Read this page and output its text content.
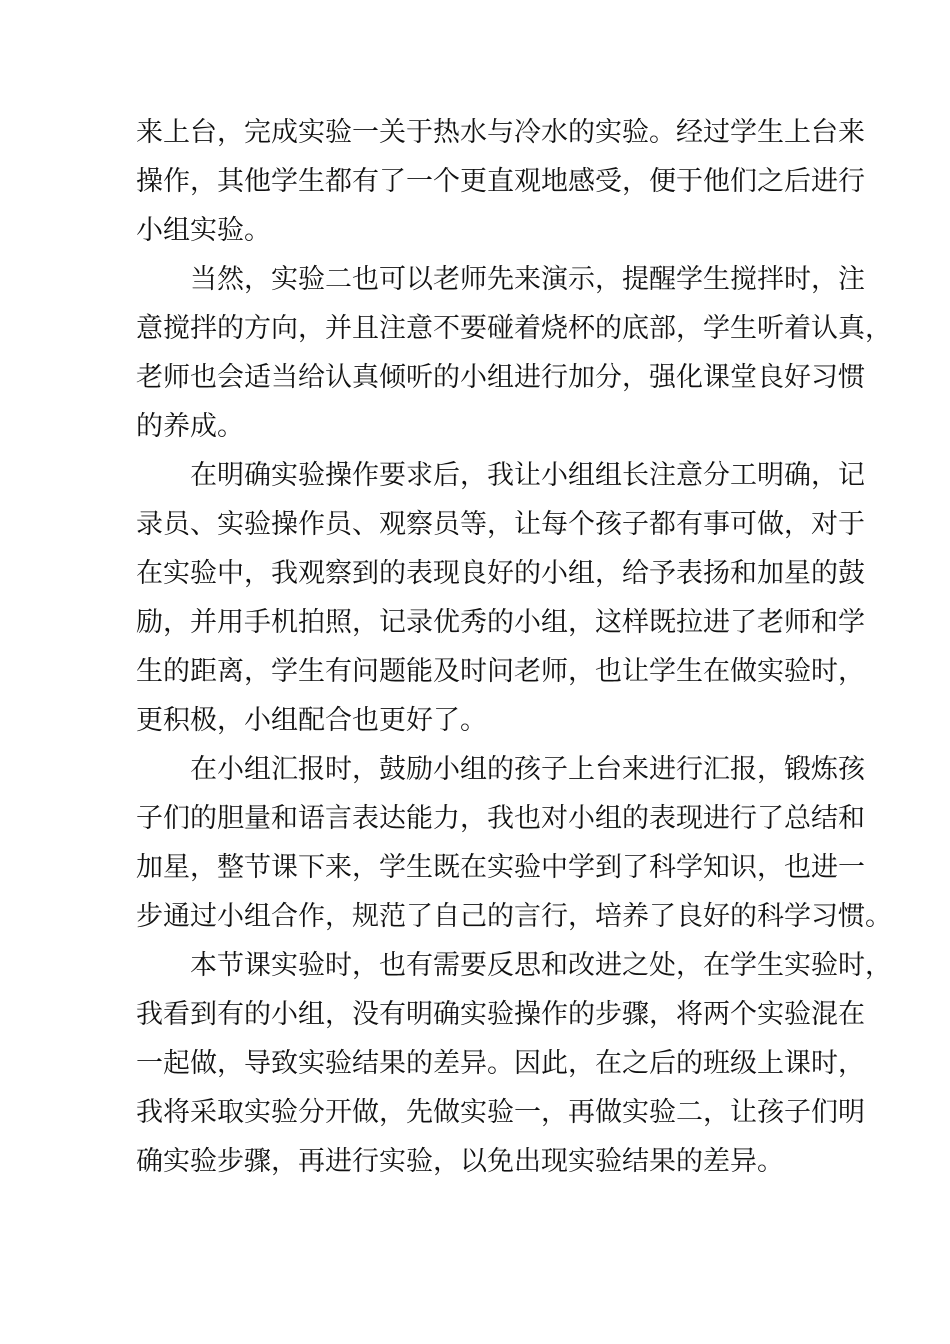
来上台，完成实验一关于热水与冷水的实验。经过学生上台来
操作，其他学生都有了一个更直观地感受，便于他们之后进行
小组实验。
当然，实验二也可以老师先来演示，提醒学生搅拌时，注
意搅拌的方向，并且注意不要碰着烧杯的底部，学生听着认真，
老师也会适当给认真倾听的小组进行加分，强化课堂良好习惯
的养成。
在明确实验操作要求后，我让小组组长注意分工明确，记
录员、实验操作员、观察员等，让每个孩子都有事可做，对于
在实验中，我观察到的表现良好的小组，给予表扬和加星的鼓
励，并用手机拍照，记录优秀的小组，这样既拉进了老师和学
生的距离，学生有问题能及时问老师，也让学生在做实验时，
更积极，小组配合也更好了。
在小组汇报时，鼓励小组的孩子上台来进行汇报，锻炼孩
子们的胆量和语言表达能力，我也对小组的表现进行了总结和
加星，整节课下来，学生既在实验中学到了科学知识，也进一
步通过小组合作，规范了自己的言行，培养了良好的科学习惯。
本节课实验时，也有需要反思和改进之处，在学生实验时，
我看到有的小组，没有明确实验操作的步骤，将两个实验混在
一起做，导致实验结果的差异。因此，在之后的班级上课时，
我将采取实验分开做，先做实验一，再做实验二，让孩子们明
确实验步骤，再进行实验，以免出现实验结果的差异。
